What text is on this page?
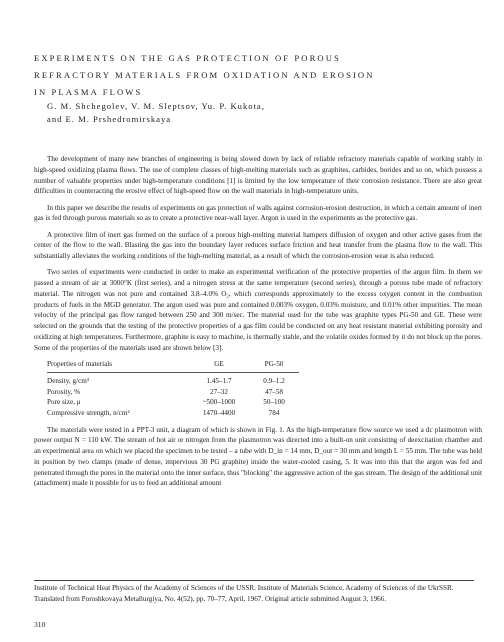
EXPERIMENTS ON THE GAS PROTECTION OF POROUS
REFRACTORY MATERIALS FROM OXIDATION AND EROSION
IN PLASMA FLOWS
G. M. Shchegolev, V. M. Sleptsov, Yu. P. Kukota,
and E. M. Prshedromirskaya

The development of many new branches of engineering is being slowed down by lack of reliable refractory materials capable of working stably in high-speed oxidizing plasma flows. The use of complete classes of high-melting materials such as graphites, carbides, borides and so on, which possess a number of valuable properties under high-temperature conditions [1] is limited by the low temperature of their corrosion resistance. There are also great difficulties in counteracting the erosive effect of high-speed flow on the wall materials in high-temperature units.

In this paper we describe the results of experiments on gas protection of walls against corrosion-erosion destruction, in which a certain amount of inert gas is fed through porous materials so as to create a protective near-wall layer. Argon is used in the experiments as the protective gas.

A protective film of inert gas formed on the surface of a porous high-melting material hampers diffusion of oxygen and other active gases from the center of the flow to the wall. Blasting the gas into the boundary layer reduces surface friction and heat transfer from the plasma flow to the wall. This substantially alleviates the working conditions of the high-melting material, as a result of which the corrosion-erosion wear is also reduced.

Two series of experiments were conducted in order to make an experimental verification of the protective properties of the argon film. In them we passed a stream of air at 3000°K (first series), and a nitrogen stress at the same temperature (second series), through a porous tube made of refractory material. The nitrogen was not pure and contained 3.8–4.0% O₂, which corresponds approximately to the excess oxygen content in the combustion products of fuels in the MGD generator. The argon used was pure and contained 0.003% oxygen, 0.03% moisture, and 0.01% other impurities. The mean velocity of the principal gas flow ranged between 250 and 300 m/sec. The material used for the tube was graphite types PG-50 and GE. These were selected on the grounds that the testing of the protective properties of a gas film could be conducted on any heat resistant material exhibiting porosity and oxidizing at high temperatures. Furthermore, graphite is easy to machine, is thermally stable, and the volatile oxides formed by it do not block up the pores. Some of the properties of the materials used are shown below [3].

Properties of materials	GE	PG-50
Density, g/cm³	1.45–1.7	0.9–1.2
Porosity, %	27–32	47–58
Pore size, μ	~500–1000	50–100
Compressive strength, n/cm²	1470–4400	784

The materials were tested in a PPT-3 unit, a diagram of which is shown in Fig. 1. As the high-temperature flow source we used a dc plasmotron with power output N = 110 kW. The stream of hot air or nitrogen from the plasmotron was directed into a built-on unit consisting of deexcitation chamber and an experimental area on which we placed the specimen to be tested – a tube with D_in = 14 mm, D_out = 30 mm and length L = 55 mm. The tube was held in position by two clamps (made of dense, impervious 30 PG graphite) inside the water-cooled casing, 5. It was into this that the argon was fed and penetrated through the pores in the material onto the inner surface, thus "blocking" the aggressive action of the gas stream. The design of the additional unit (attachment) made it possible for us to feed an additional amount

Institute of Technical Heat Physics of the Academy of Sciences of the USSR. Institute of Materials Science, Academy of Sciences of the UkrSSR. Translated from Poroshkovaya Metallurgiya, No. 4(52), pp. 70–77, April, 1967. Original article submitted August 3, 1966.
310
